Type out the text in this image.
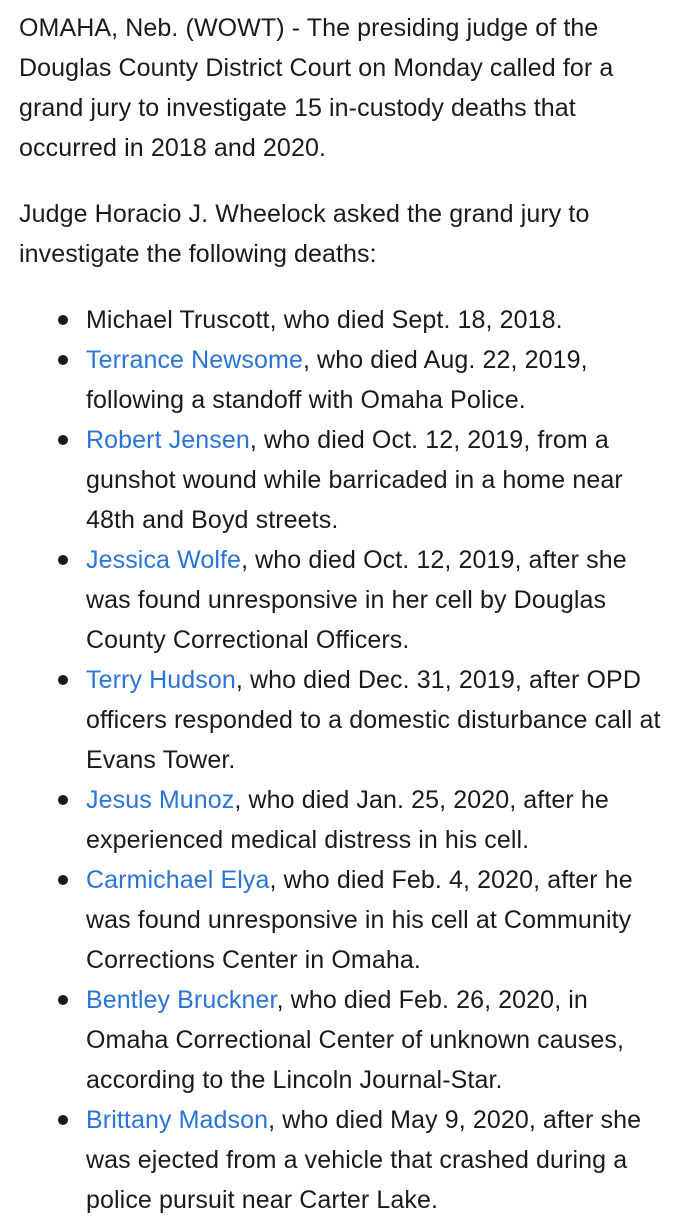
OMAHA, Neb. (WOWT) - The presiding judge of the Douglas County District Court on Monday called for a grand jury to investigate 15 in-custody deaths that occurred in 2018 and 2020.

Judge Horacio J. Wheelock asked the grand jury to investigate the following deaths:

Michael Truscott, who died Sept. 18, 2018.
Terrance Newsome, who died Aug. 22, 2019, following a standoff with Omaha Police.
Robert Jensen, who died Oct. 12, 2019, from a gunshot wound while barricaded in a home near 48th and Boyd streets.
Jessica Wolfe, who died Oct. 12, 2019, after she was found unresponsive in her cell by Douglas County Correctional Officers.
Terry Hudson, who died Dec. 31, 2019, after OPD officers responded to a domestic disturbance call at Evans Tower.
Jesus Munoz, who died Jan. 25, 2020, after he experienced medical distress in his cell.
Carmichael Elya, who died Feb. 4, 2020, after he was found unresponsive in his cell at Community Corrections Center in Omaha.
Bentley Bruckner, who died Feb. 26, 2020, in Omaha Correctional Center of unknown causes, according to the Lincoln Journal-Star.
Brittany Madson, who died May 9, 2020, after she was ejected from a vehicle that crashed during a police pursuit near Carter Lake.
